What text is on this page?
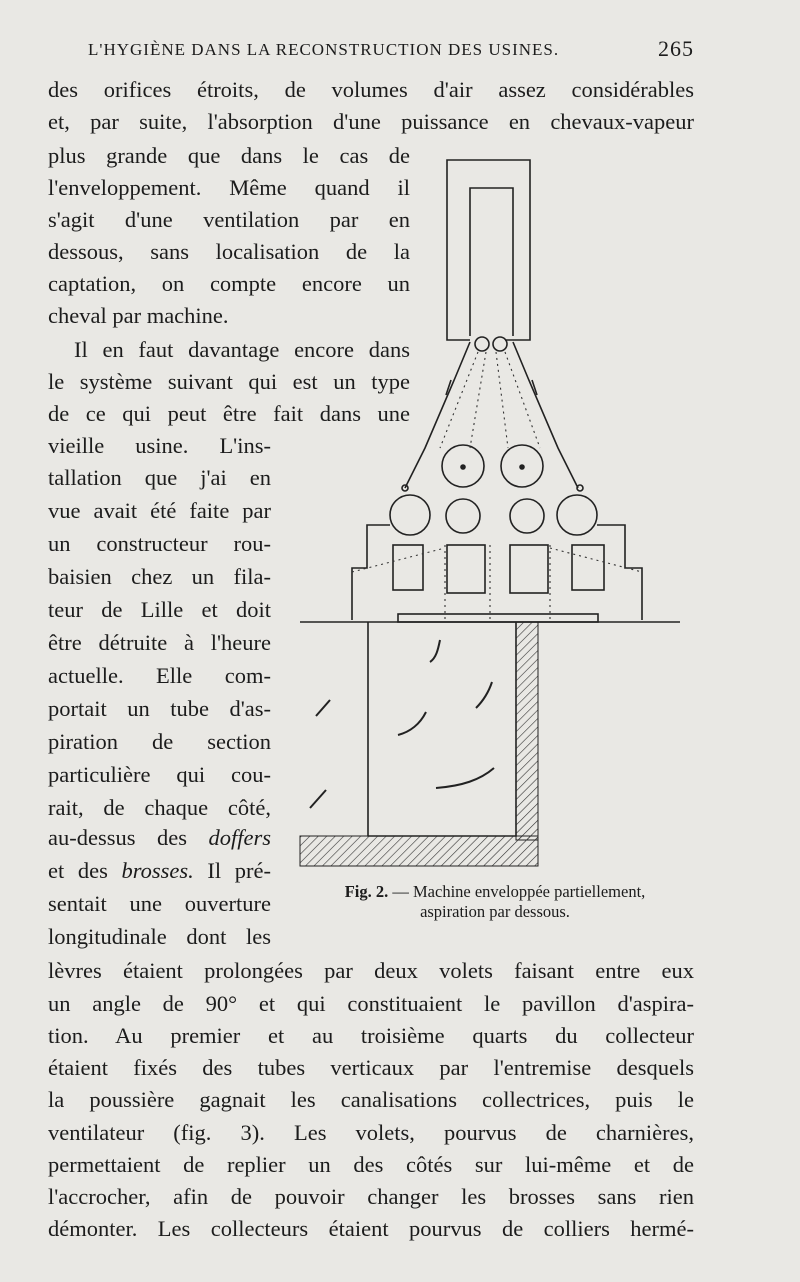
L'HYGIÈNE DANS LA RECONSTRUCTION DES USINES.	265
des orifices étroits, de volumes d'air assez considérables
et, par suite, l'absorption d'une puissance en chevaux-vapeur
plus grande que dans le cas de
l'enveloppement. Même quand il
s'agit d'une ventilation par en
dessous, sans localisation de la
captation, on compte encore un
cheval par machine.
Il en faut davantage encore dans
le système suivant qui est un type
de ce qui peut être fait dans une
vieille usine. L'ins-
tallation que j'ai en
vue avait été faite par
un constructeur rou-
baisien chez un fila-
teur de Lille et doit
être détruite à l'heure
actuelle. Elle com-
portait un tube d'as-
piration de section
particulière qui cou-
rait, de chaque côté,
au-dessus des doffers
et des brosses. Il pré-
sentait une ouverture
longitudinale dont les
lèvres étaient prolongées par deux volets faisant entre eux
un angle de 90° et qui constituaient le pavillon d'aspira-
tion. Au premier et au troisième quarts du collecteur
étaient fixés des tubes verticaux par l'entremise desquels
la poussière gagnait les canalisations collectrices, puis le
ventilateur (fig. 3). Les volets, pourvus de charnières,
permettaient de replier un des côtés sur lui-même et de
l'accrocher, afin de pouvoir changer les brosses sans rien
démonter. Les collecteurs étaient pourvus de colliers hermé-
Fig. 2. — Machine enveloppée partiellement,
aspiration par dessous.
